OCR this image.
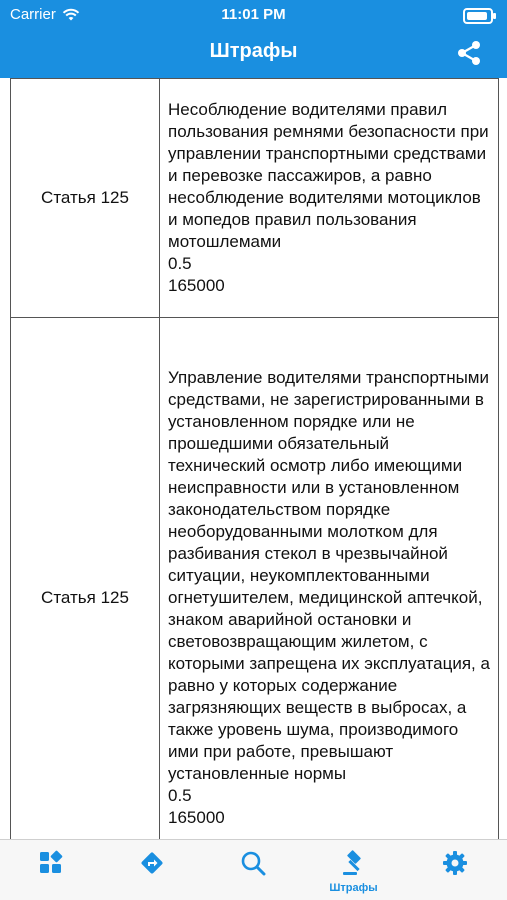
Carrier	11:01 PM
Штрафы
Статья 125	Несоблюдение водителями правил пользования ремнями безопасности при управлении транспортными средствами и перевозке пассажиров, а равно несоблюдение водителями мотоциклов и мопедов правил пользования мотошлемами
0.5
165000

Статья 125	Управление водителями транспортными средствами, не зарегистрированными в установленном порядке или не прошедшими обязательный технический осмотр либо имеющими неисправности или в установленном законодательством порядке необорудованными молотком для разбивания стекол в чрезвычайной ситуации, неукомплектованными огнетушителем, медицинской аптечкой, знаком аварийной остановки и световозвращающим жилетом, с которыми запрещена их эксплуатация, а равно у которых содержание загрязняющих веществ в выбросах, а также уровень шума, производимого ими при работе, превышают установленные нормы
0.5
165000
Штрафы
